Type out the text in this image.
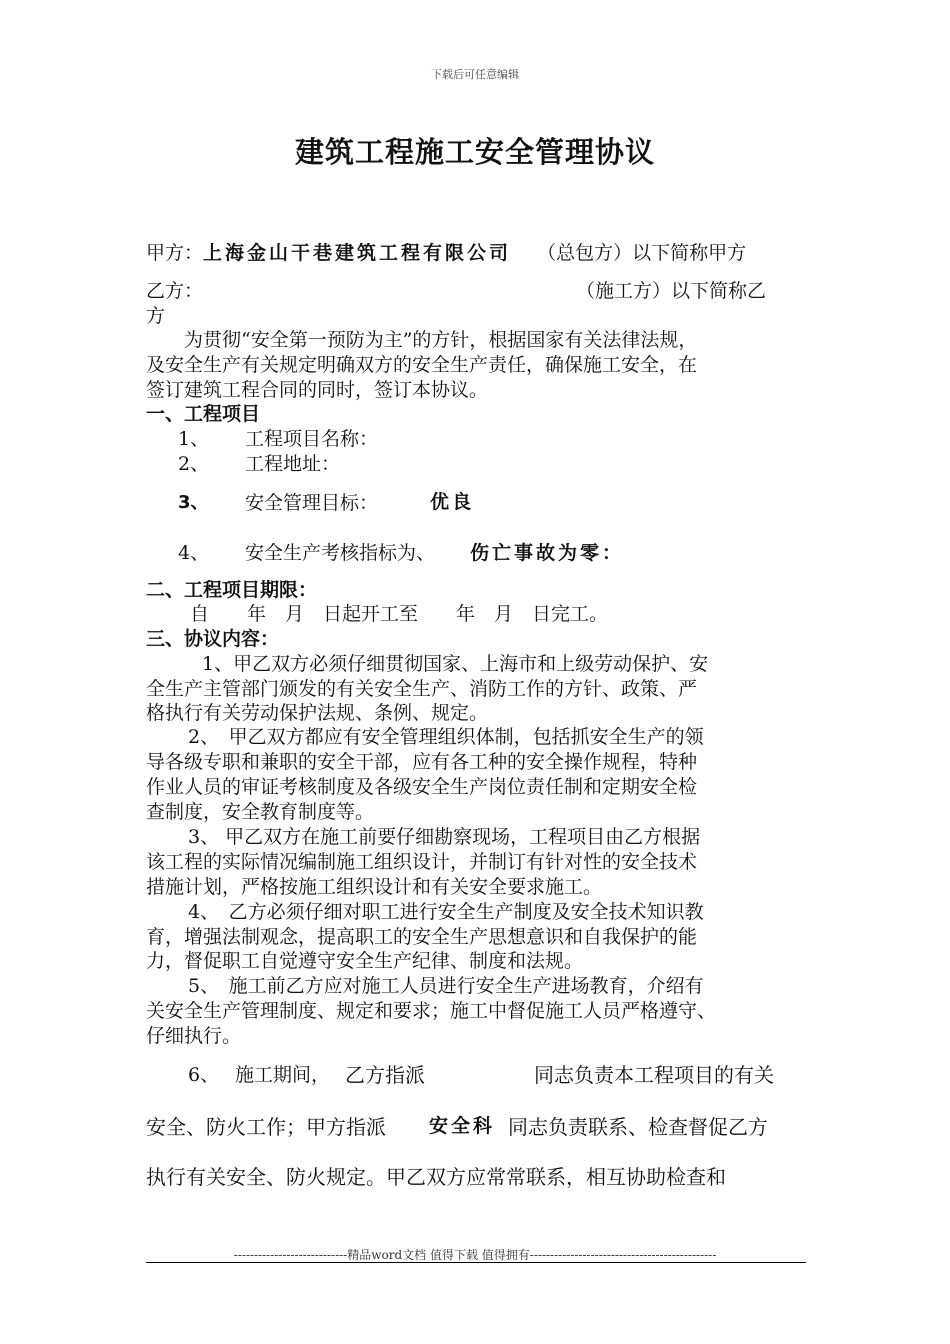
下载后可任意编辑
建筑工程施工安全管理协议
甲方：上海金山干巷建筑工程有限公司 （总包方）以下简称甲方
乙方：	（施工方）以下简称乙
方
为贯彻“安全第一预防为主”的方针，根据国家有关法律法规，
及安全生产有关规定明确双方的安全生产责任，确保施工安全，在
签订建筑工程合同的同时，签订本协议。
一、工程项目
1、 工程项目名称：
2、 工程地址：
3、 安全管理目标：	优良
4、 安全生产考核指标为、 伤亡事故为零：
二、工程项目期限：
自　　年　月　日起开工至　　年　月　日完工。
三、协议内容：
1、甲乙双方必须仔细贯彻国家、上海市和上级劳动保护、安
全生产主管部门颁发的有关安全生产、消防工作的方针、政策、严
格执行有关劳动保护法规、条例、规定。
2、　甲乙双方都应有安全管理组织体制，包括抓安全生产的领
导各级专职和兼职的安全干部，应有各工种的安全操作规程，特种
作业人员的审证考核制度及各级安全生产岗位责任制和定期安全检
查制度，安全教育制度等。
3、 甲乙双方在施工前要仔细勘察现场，工程项目由乙方根据
该工程的实际情况编制施工组织设计，并制订有针对性的安全技术
措施计划，严格按施工组织设计和有关安全要求施工。
4、　乙方必须仔细对职工进行安全生产制度及安全技术知识教
育，增强法制观念，提高职工的安全生产思想意识和自我保护的能
力，督促职工自觉遵守安全生产纪律、制度和法规。
5、　施工前乙方应对施工人员进行安全生产进场教育，介绍有
关安全生产管理制度、规定和要求；施工中督促施工人员严格遵守、
仔细执行。
6、 施工期间， 乙方指派	同志负责本工程项目的有关
安全、防火工作；甲方指派 安全科 同志负责联系、检查督促乙方
执行有关安全、防火规定。甲乙双方应常常联系，相互协助检查和
----------------------------精品word文档 值得下载 值得拥有----------------------------------------------
